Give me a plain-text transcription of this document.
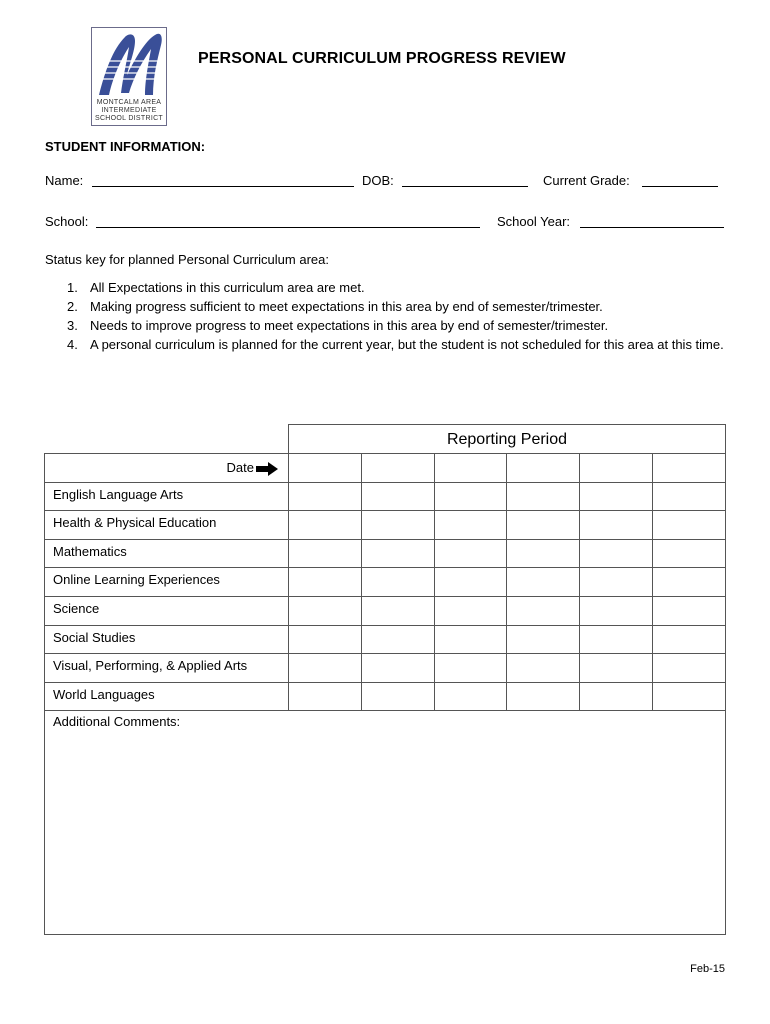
MONTCALM AREA
INTERMEDIATE
SCHOOL DISTRICT
PERSONAL CURRICULUM PROGRESS REVIEW
STUDENT INFORMATION:
Name:	DOB:	Current Grade:
School:	School Year:
Status key for planned Personal Curriculum area:
1. All Expectations in this curriculum area are met.
2. Making progress sufficient to meet expectations in this area by end of semester/trimester.
3. Needs to improve progress to meet expectations in this area by end of semester/trimester.
4. A personal curriculum is planned for the current year, but the student is not scheduled for this area at this time.
Reporting Period
Date
English Language Arts
Health & Physical Education
Mathematics
Online Learning Experiences
Science
Social Studies
Visual, Performing, & Applied Arts
World Languages
Additional Comments:
Feb-15
